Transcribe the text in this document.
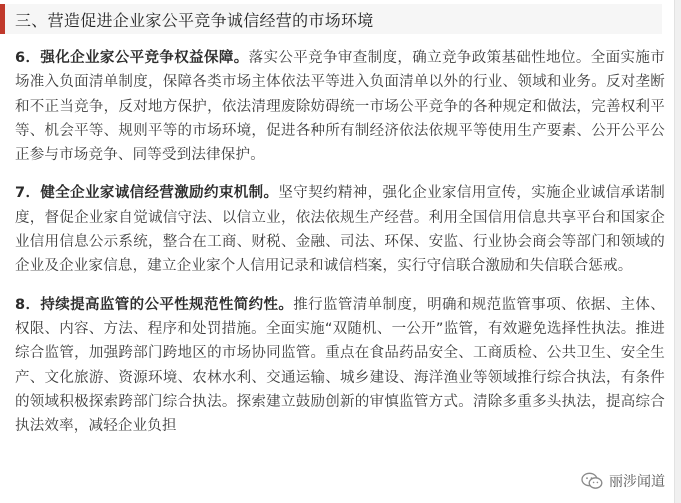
三、营造促进企业家公平竞争诚信经营的市场环境

6．强化企业家公平竞争权益保障。落实公平竞争审查制度，确立竞争政策基础性地位。全面实施市场准入负面清单制度，保障各类市场主体依法平等进入负面清单以外的行业、领域和业务。反对垄断和不正当竞争，反对地方保护，依法清理废除妨碍统一市场公平竞争的各种规定和做法，完善权利平等、机会平等、规则平等的市场环境，促进各种所有制经济依法依规平等使用生产要素、公开公平公正参与市场竞争、同等受到法律保护。

7．健全企业家诚信经营激励约束机制。坚守契约精神，强化企业家信用宣传，实施企业诚信承诺制度，督促企业家自觉诚信守法、以信立业，依法依规生产经营。利用全国信用信息共享平台和国家企业信用信息公示系统，整合在工商、财税、金融、司法、环保、安监、行业协会商会等部门和领域的企业及企业家信息，建立企业家个人信用记录和诚信档案，实行守信联合激励和失信联合惩戒。

8．持续提高监管的公平性规范性简约性。推行监管清单制度，明确和规范监管事项、依据、主体、权限、内容、方法、程序和处罚措施。全面实施“双随机、一公开”监管，有效避免选择性执法。推进综合监管，加强跨部门跨地区的市场协同监管。重点在食品药品安全、工商质检、公共卫生、安全生产、文化旅游、资源环境、农林水利、交通运输、城乡建设、海洋渔业等领域推行综合执法，有条件的领域积极探索跨部门综合执法。探索建立鼓励创新的审慎监管方式。清除多重多头执法，提高综合执法效率，减轻企业负担

丽涉闻道
